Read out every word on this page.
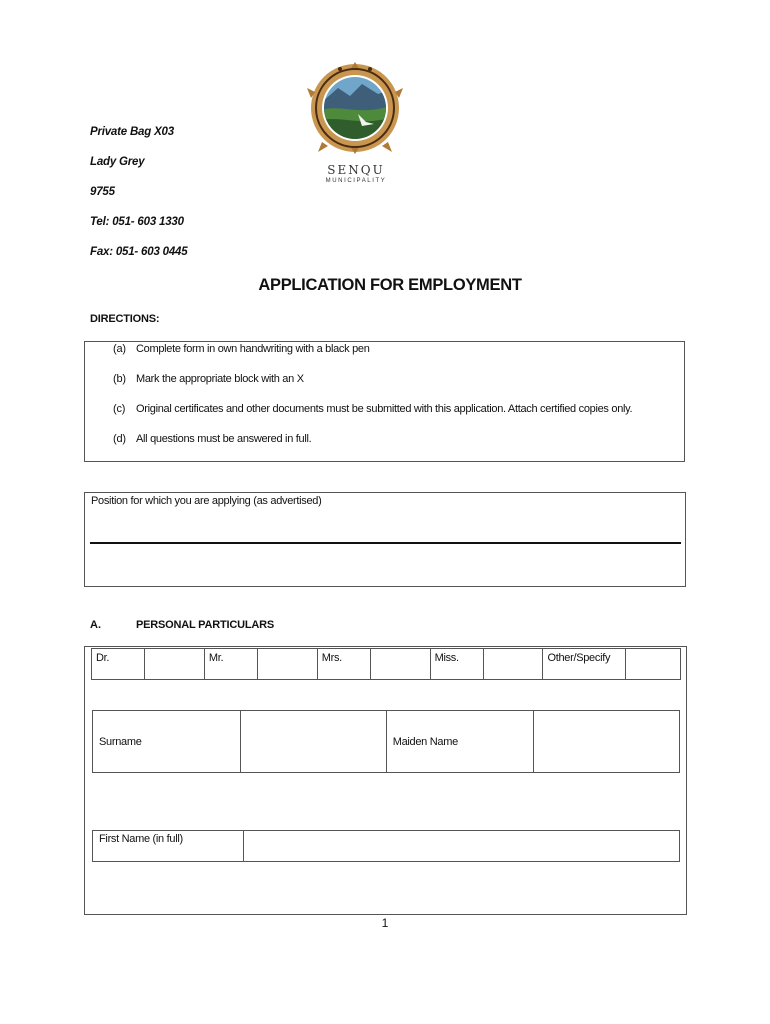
Private Bag X03
Lady Grey
9755
Tel: 051- 603 1330
Fax: 051- 603 0445
SENQU
MUNICIPALITY
APPLICATION FOR EMPLOYMENT
DIRECTIONS:
(a) Complete form in own handwriting with a black pen
(b) Mark the appropriate block with an X
(c) Original certificates and other documents must be submitted with this application. Attach certified copies only.
(d) All questions must be answered in full.
Position for which you are applying (as advertised)
A.	PERSONAL PARTICULARS
Dr.		Mr.		Mrs.		Miss.		Other/Specify	
Surname		Maiden Name	
First Name (in full)	
1
